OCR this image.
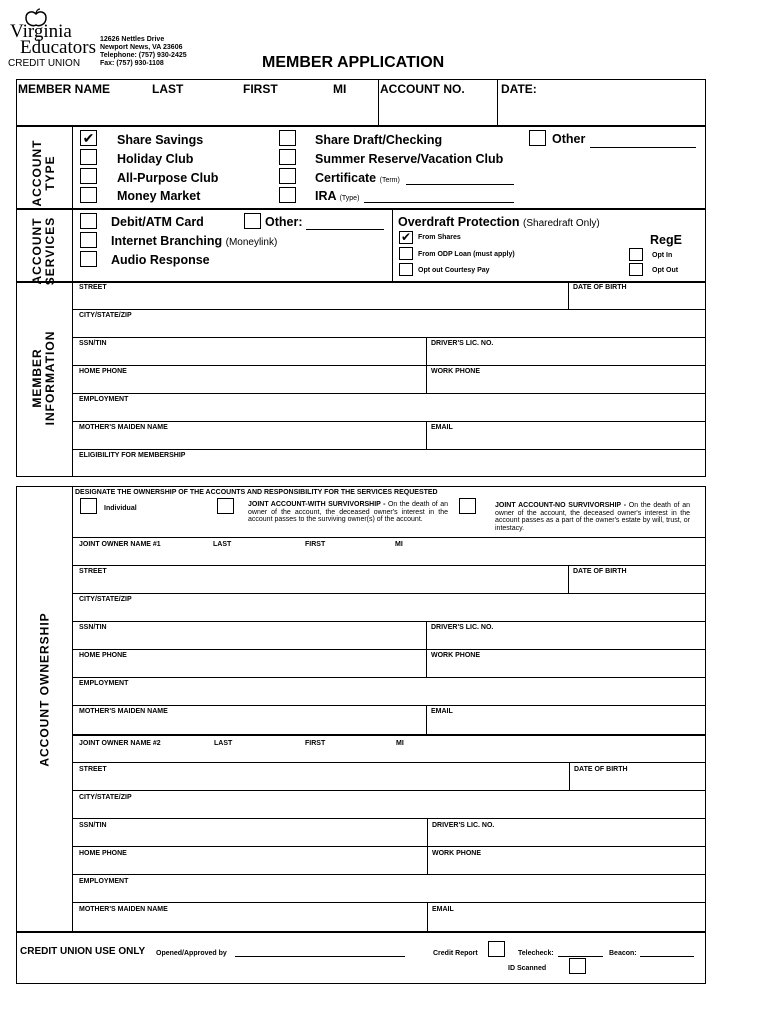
Virginia
Educators
CREDIT UNION
12626 Nettles Drive
Newport News, VA 23606
Telephone: (757) 930-2425
Fax: (757) 930-1108	MEMBER APPLICATION
MEMBER NAME	LAST	FIRST	MI	ACCOUNT NO.	DATE:
ACCOUNT TYPE
✔ Share Savings
Holiday Club
All-Purpose Club
Money Market
Share Draft/Checking
Summer Reserve/Vacation Club
Certificate (Term)
IRA (Type)
Other
ACCOUNT SERVICES	Debit/ATM Card	Other:
Internet Branching (Moneylink)
Audio Response
Overdraft Protection (Sharedraft Only)
✔ From Shares
From ODP Loan (must apply)
Opt out Courtesy Pay
RegE
Opt In
Opt Out
MEMBER INFORMATION
STREET	DATE OF BIRTH
CITY/STATE/ZIP
SSN/TIN	DRIVER'S LIC. NO.
HOME PHONE	WORK PHONE
EMPLOYMENT
MOTHER'S MAIDEN NAME	EMAIL
ELIGIBILITY FOR MEMBERSHIP
ACCOUNT OWNERSHIP
DESIGNATE THE OWNERSHIP OF THE ACCOUNTS AND RESPONSIBILITY FOR THE SERVICES REQUESTED
Individual
JOINT ACCOUNT-WITH SURVIVORSHIP - On the death of an owner of the account, the deceased owner's interest in the account passes to the surviving owner(s) of the account.
JOINT ACCOUNT-NO SURVIVORSHIP - On the death of an owner of the account, the deceased owner's interest in the account passes as a part of the owner's estate by will, trust, or intestacy.
JOINT OWNER NAME #1	LAST	FIRST	MI
STREET	DATE OF BIRTH
CITY/STATE/ZIP
SSN/TIN	DRIVER'S LIC. NO.
HOME PHONE	WORK PHONE
EMPLOYMENT
MOTHER'S MAIDEN NAME	EMAIL
JOINT OWNER NAME #2	LAST	FIRST	MI
STREET	DATE OF BIRTH
CITY/STATE/ZIP
SSN/TIN	DRIVER'S LIC. NO.
HOME PHONE	WORK PHONE
EMPLOYMENT
MOTHER'S MAIDEN NAME	EMAIL
CREDIT UNION USE ONLY Opened/Approved by	Credit Report	Telecheck:	Beacon:
ID Scanned
